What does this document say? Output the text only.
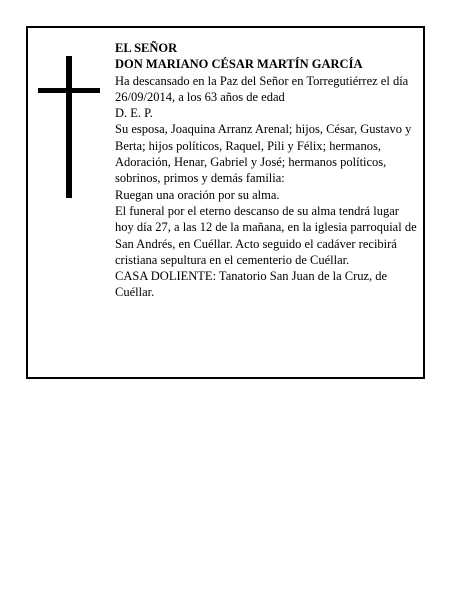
EL SEÑOR
DON MARIANO CÉSAR MARTÍN GARCÍA
Ha descansado en la Paz del Señor en Torregutiérrez el día 26/09/2014, a los 63 años de edad
D. E. P.
Su esposa, Joaquina Arranz Arenal; hijos, César, Gustavo y Berta; hijos políticos, Raquel, Pili y Félix; hermanos, Adoración, Henar, Gabriel y José; hermanos políticos, sobrinos, primos y demás familia:
Ruegan una oración por su alma.
El funeral por el eterno descanso de su alma tendrá lugar hoy día 27, a las 12 de la mañana, en la iglesia parroquial de San Andrés, en Cuéllar. Acto seguido el cadáver recibirá cristiana sepultura en el cementerio de Cuéllar.
CASA DOLIENTE: Tanatorio San Juan de la Cruz, de Cuéllar.
